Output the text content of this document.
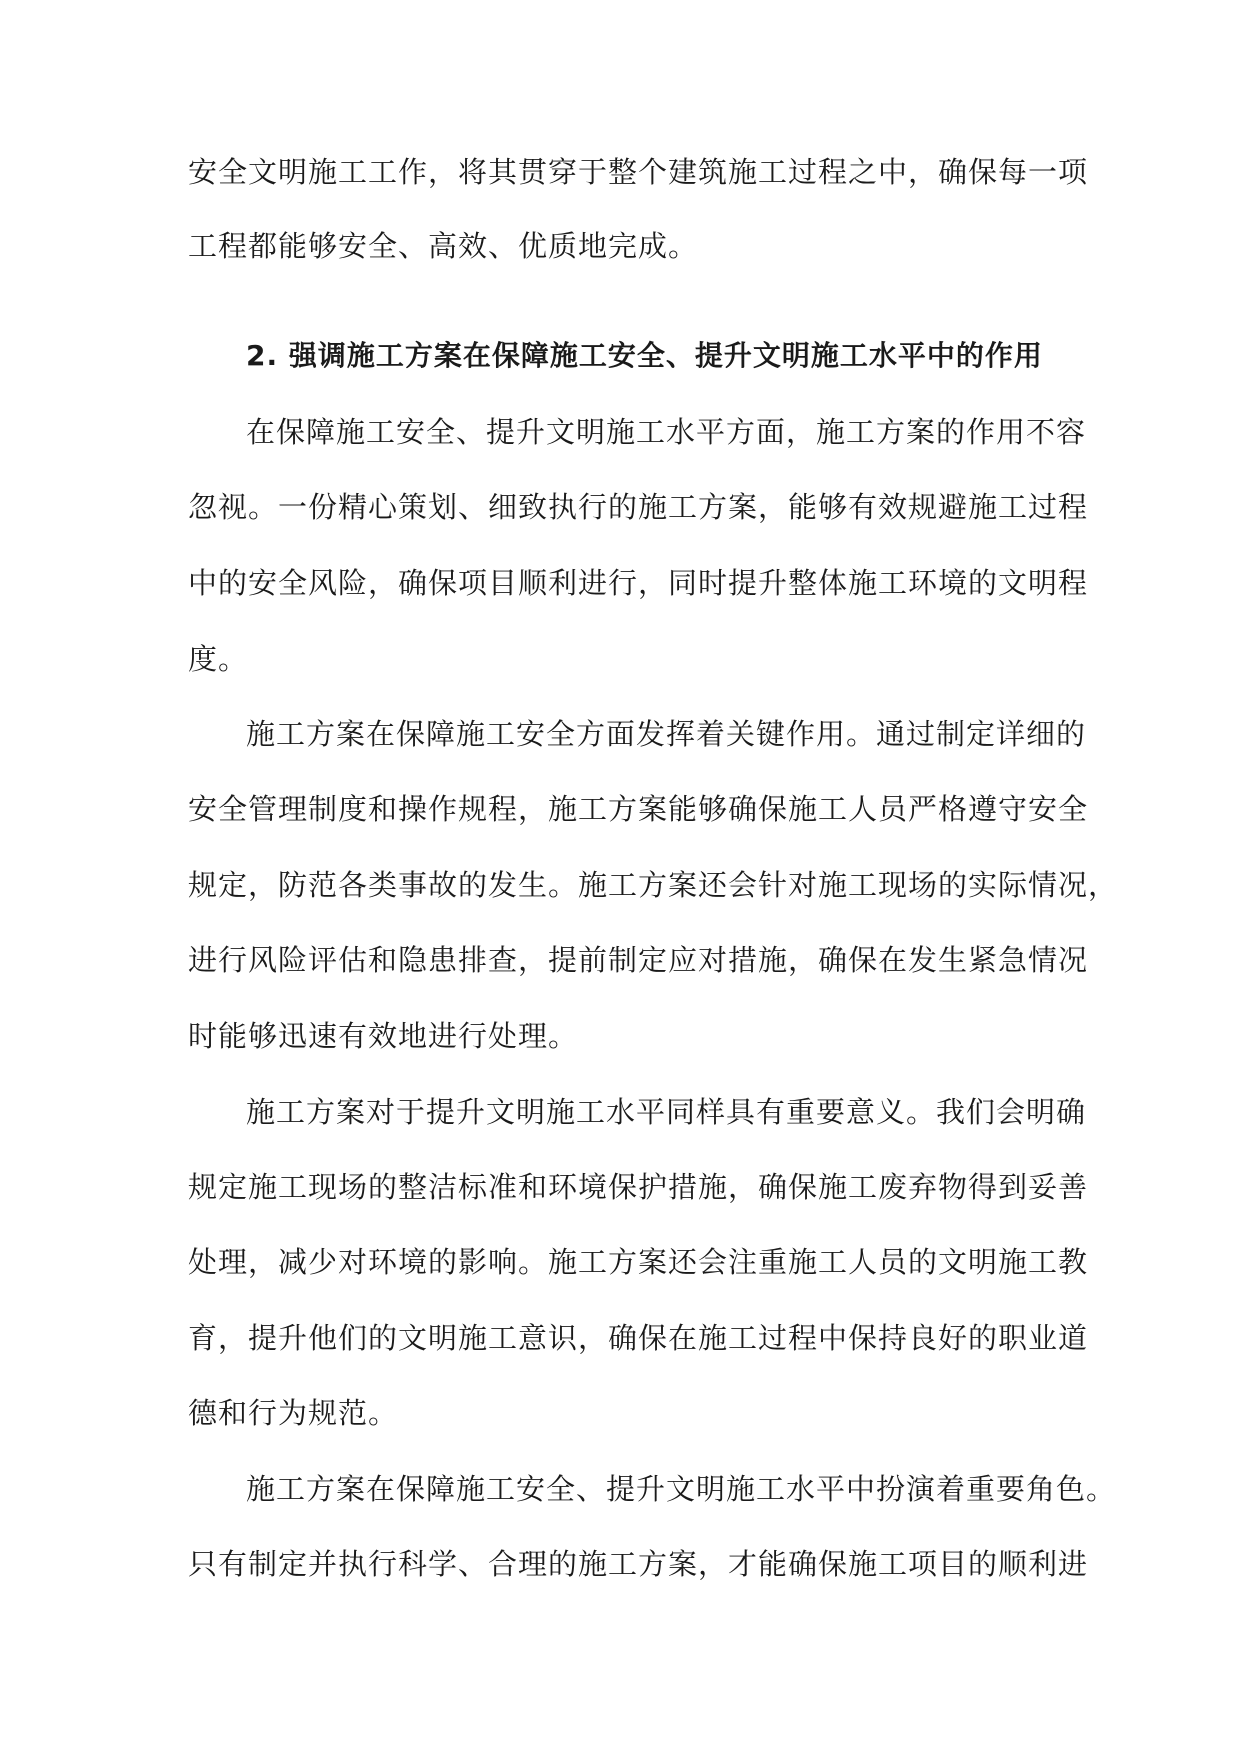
安全文明施工工作，将其贯穿于整个建筑施工过程之中，确保每一项
工程都能够安全、高效、优质地完成。
2. 强调施工方案在保障施工安全、提升文明施工水平中的作用
在保障施工安全、提升文明施工水平方面，施工方案的作用不容
忽视。一份精心策划、细致执行的施工方案，能够有效规避施工过程
中的安全风险，确保项目顺利进行，同时提升整体施工环境的文明程
度。
施工方案在保障施工安全方面发挥着关键作用。通过制定详细的
安全管理制度和操作规程，施工方案能够确保施工人员严格遵守安全
规定，防范各类事故的发生。施工方案还会针对施工现场的实际情况，
进行风险评估和隐患排查，提前制定应对措施，确保在发生紧急情况
时能够迅速有效地进行处理。
施工方案对于提升文明施工水平同样具有重要意义。我们会明确
规定施工现场的整洁标准和环境保护措施，确保施工废弃物得到妥善
处理，减少对环境的影响。施工方案还会注重施工人员的文明施工教
育，提升他们的文明施工意识，确保在施工过程中保持良好的职业道
德和行为规范。
施工方案在保障施工安全、提升文明施工水平中扮演着重要角色。
只有制定并执行科学、合理的施工方案，才能确保施工项目的顺利进
